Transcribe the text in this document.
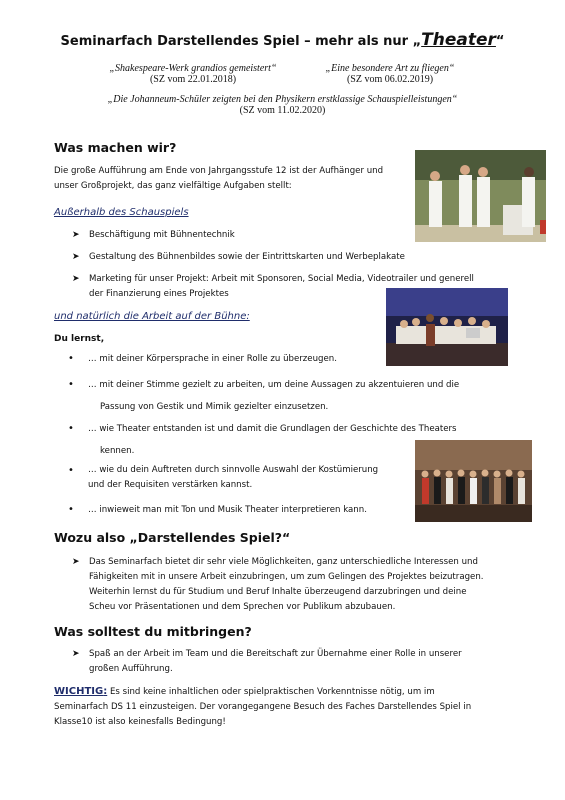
Seminarfach Darstellendes Spiel – mehr als nur „Theater“
„Shakespeare-Werk grandios gemeistert“
(SZ vom 22.01.2018)
„Eine besondere Art zu fliegen“
(SZ vom 06.02.2019)
„Die Johanneum-Schüler zeigten bei den Physikern erstklassige Schauspielleistungen“
(SZ vom 11.02.2020)
Was machen wir?
Die große Aufführung am Ende von Jahrgangsstufe 12 ist der Aufhänger und
unser Großprojekt, das ganz vielfältige Aufgaben stellt:
Außerhalb des Schauspiels
➤ Beschäftigung mit Bühnentechnik
➤ Gestaltung des Bühnenbildes sowie der Eintrittskarten und Werbeplakate
➤ Marketing für unser Projekt: Arbeit mit Sponsoren, Social Media, Videotrailer und generell
der Finanzierung eines Projektes
und natürlich die Arbeit auf der Bühne:
Du lernst,
• … mit deiner Körpersprache in einer Rolle zu überzeugen.
• … mit deiner Stimme gezielt zu arbeiten, um deine Aussagen zu akzentuieren und die
Passung von Gestik und Mimik gezielter einzusetzen.
• … wie Theater entstanden ist und damit die Grundlagen der Geschichte des Theaters
kennen.
• … wie du dein Auftreten durch sinnvolle Auswahl der Kostümierung
und der Requisiten verstärken kannst.
• … inwieweit man mit Ton und Musik Theater interpretieren kann.
Wozu also „Darstellendes Spiel?“
➤ Das Seminarfach bietet dir sehr viele Möglichkeiten, ganz unterschiedliche Interessen und
Fähigkeiten mit in unsere Arbeit einzubringen, um zum Gelingen des Projektes beizutragen.
Weiterhin lernst du für Studium und Beruf Inhalte überzeugend darzubringen und deine
Scheu vor Präsentationen und dem Sprechen vor Publikum abzubauen.
Was solltest du mitbringen?
➤ Spaß an der Arbeit im Team und die Bereitschaft zur Übernahme einer Rolle in unserer
großen Aufführung.
WICHTIG: Es sind keine inhaltlichen oder spielpraktischen Vorkenntnisse nötig, um im
Seminarfach DS 11 einzusteigen. Der vorangegangene Besuch des Faches Darstellendes Spiel in
Klasse10 ist also keinesfalls Bedingung!
